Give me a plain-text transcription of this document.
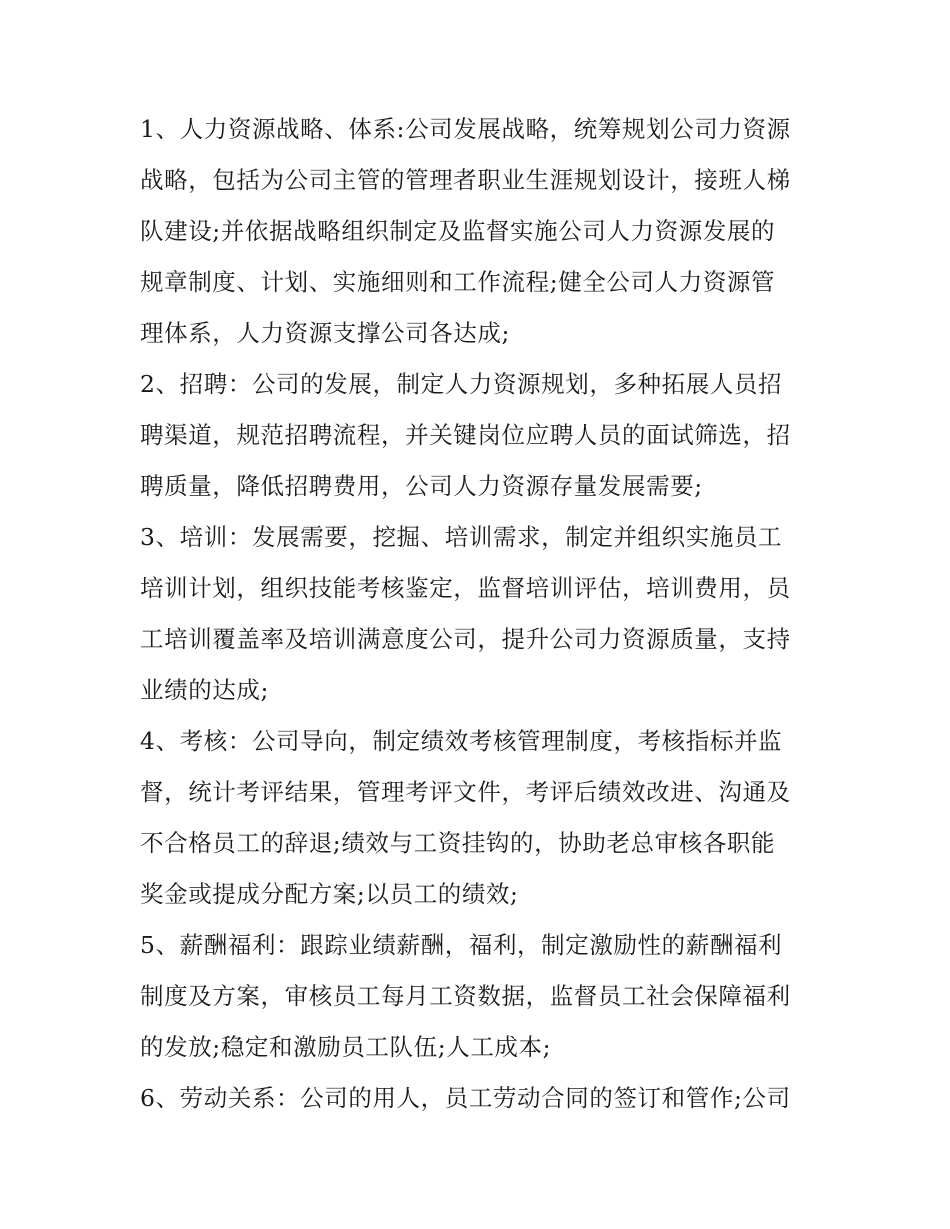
1、人力资源战略、体系:公司发展战略，统筹规划公司力资源
战略，包括为公司主管的管理者职业生涯规划设计，接班人梯
队建设;并依据战略组织制定及监督实施公司人力资源发展的
规章制度、计划、实施细则和工作流程;健全公司人力资源管
理体系，人力资源支撑公司各达成;

2、招聘：公司的发展，制定人力资源规划，多种拓展人员招
聘渠道，规范招聘流程，并关键岗位应聘人员的面试筛选，招
聘质量，降低招聘费用，公司人力资源存量发展需要;

3、培训：发展需要，挖掘、培训需求，制定并组织实施员工
培训计划，组织技能考核鉴定，监督培训评估，培训费用，员
工培训覆盖率及培训满意度公司，提升公司力资源质量，支持
业绩的达成;

4、考核：公司导向，制定绩效考核管理制度，考核指标并监
督，统计考评结果，管理考评文件，考评后绩效改进、沟通及
不合格员工的辞退;绩效与工资挂钩的，协助老总审核各职能
奖金或提成分配方案;以员工的绩效;

5、薪酬福利：跟踪业绩薪酬，福利，制定激励性的薪酬福利
制度及方案，审核员工每月工资数据，监督员工社会保障福利
的发放;稳定和激励员工队伍;人工成本;

6、劳动关系：公司的用人，员工劳动合同的签订和管作;公司
